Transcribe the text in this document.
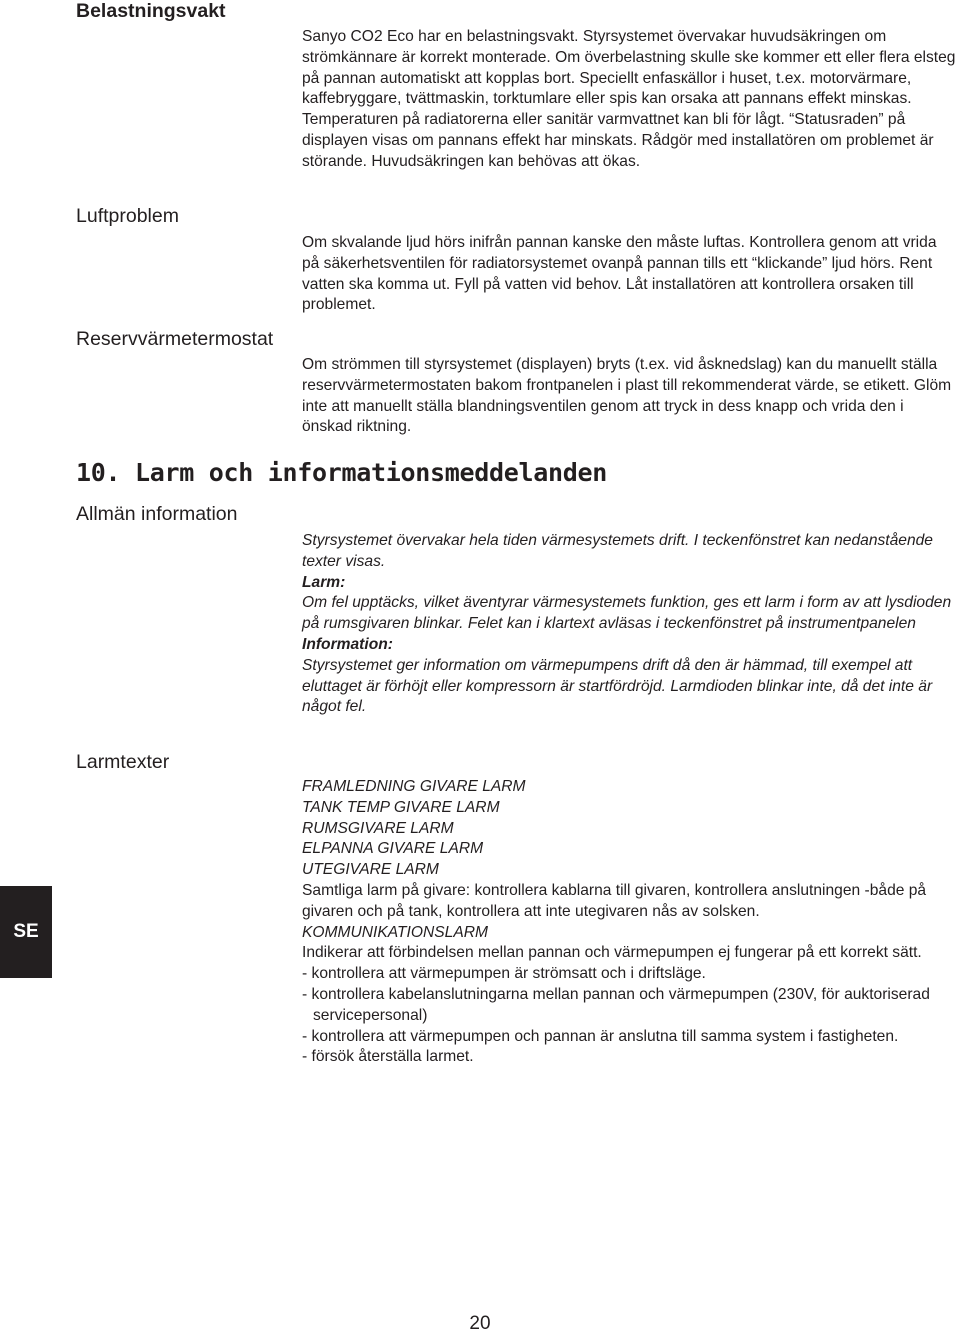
Belastningsvakt

Sanyo CO2 Eco har en belastningsvakt. Styrsystemet övervakar huvudsäkringen om strömkännare är korrekt monterade. Om överbelastning skulle ske kommer ett eller flera elsteg på pannan automatiskt att kopplas bort. Speciellt enfasкällor i huset, t.ex. motorvärmare, kaffebryggare, tvättmaskin, torktumlare eller spis kan orsaka att pannans effekt minskas.

Temperaturen på radiatorerna eller sanitär varmvattnet kan bli för lågt. “Statusraden” på displayen visas om pannans effekt har minskats. Rådgör med installatören om problemet är störande. Huvudsäkringen kan behövas att ökas.

Luftproblem
Om skvalande ljud hörs inifrån pannan kanske den måste luftas. Kontrollera genom att vrida på säkerhetsventilen för radiatorsystemet ovanpå pannan tills ett “klickande” ljud hörs. Rent vatten ska komma ut. Fyll på vatten vid behov. Låt installatören att kontrollera orsaken till problemet.
Reservvärmetermostat
Om strömmen till styrsystemet (displayen) bryts (t.ex. vid åsknedslag) kan du manuellt ställa reservvärmetermostaten bakom frontpanelen i plast till rekommenderat värde, se etikett. Glöm inte att manuellt ställa blandningsventilen genom att tryck in dess knapp och vrida den i önskad riktning.
10. Larm och informationsmeddelanden
Allmän information

Styrsystemet övervakar hela tiden värmesystemets drift. I teckenfönstret kan nedanstående texter visas.

Larm:

Om fel upptäcks, vilket äventyrar värmesystemets funktion, ges ett larm i form av att lysdioden på rumsgivaren blinkar. Felet kan i klartext avläsas i teckenfönstret på instrumentpanelen

Information:

Styrsystemet ger information om värmepumpens drift då den är hämmad, till exempel att eluttaget är förhöjt eller kompressorn är startfördröjd. Larmdioden blinkar inte, då det inte är något fel.

Larmtexter

FRAMLEDNING GIVARE LARM

TANK TEMP GIVARE LARM

RUMSGIVARE LARM

ELPANNA GIVARE LARM

UTEGIVARE LARM

Samtliga larm på givare: kontrollera kablarna till givaren, kontrollera anslutningen -både på givaren och på tank, kontrollera att inte utegivaren nås av solsken.

KOMMUNIKATIONSLARM

Indikerar att förbindelsen mellan pannan och värmepumpen ej fungerar på ett korrekt sätt.

- kontrollera att värmepumpen är strömsatt och i driftsläge.

- kontrollera kabelanslutningarna mellan pannan och värmepumpen (230V, för auktoriserad servicepersonal)

- kontrollera att värmepumpen och pannan är anslutna till samma system i fastigheten.

- försök återställa larmet.

SE
20
